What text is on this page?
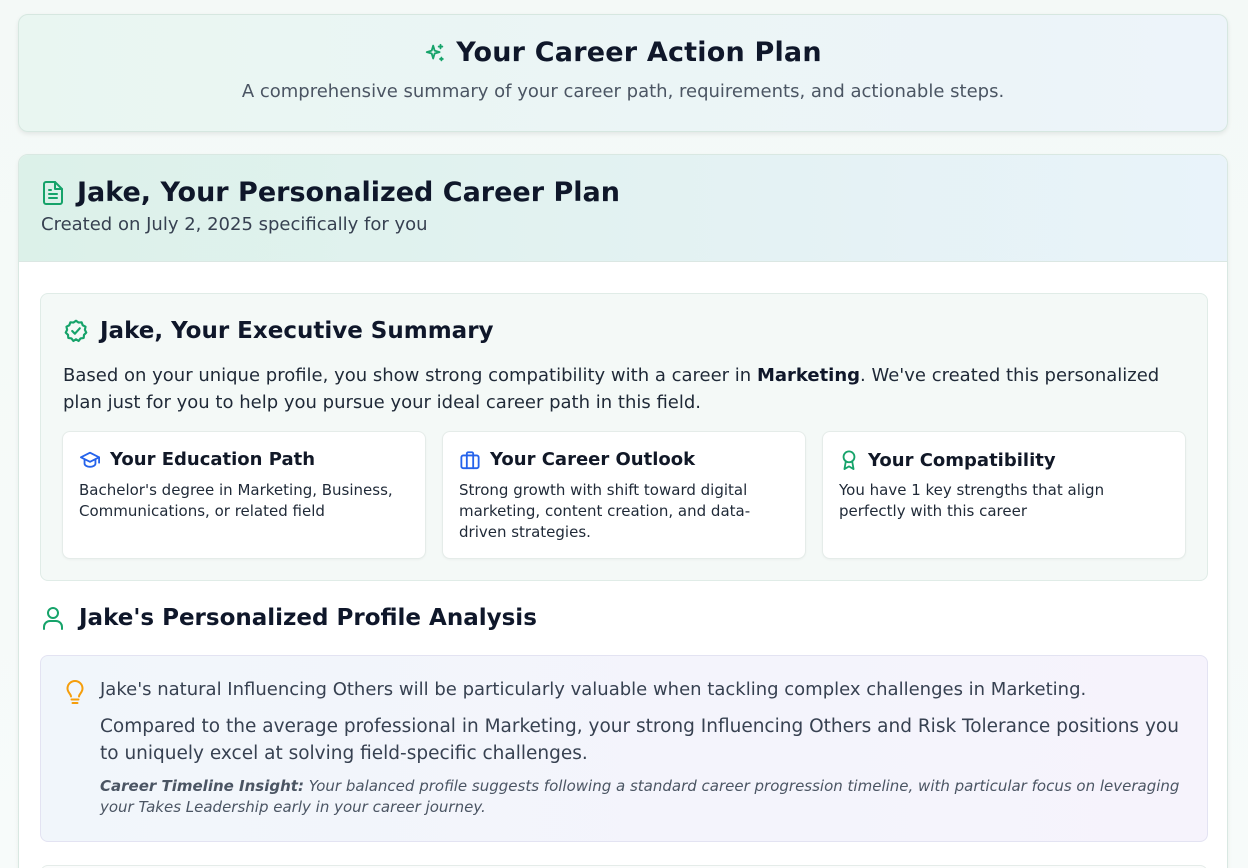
Your Career Action Plan
A comprehensive summary of your career path, requirements, and actionable steps.
Jake, Your Personalized Career Plan
Created on July 2, 2025 specifically for you
Jake, Your Executive Summary
Based on your unique profile, you show strong compatibility with a career in Marketing. We've created this personalized plan just for you to help you pursue your ideal career path in this field.
Your Education Path
Bachelor's degree in Marketing, Business, Communications, or related field
Your Career Outlook
Strong growth with shift toward digital marketing, content creation, and data-driven strategies.
Your Compatibility
You have 1 key strengths that align perfectly with this career
Jake's Personalized Profile Analysis
Jake's natural Influencing Others will be particularly valuable when tackling complex challenges in Marketing.
Compared to the average professional in Marketing, your strong Influencing Others and Risk Tolerance positions you to uniquely excel at solving field-specific challenges.
Career Timeline Insight: Your balanced profile suggests following a standard career progression timeline, with particular focus on leveraging your Takes Leadership early in your career journey.
